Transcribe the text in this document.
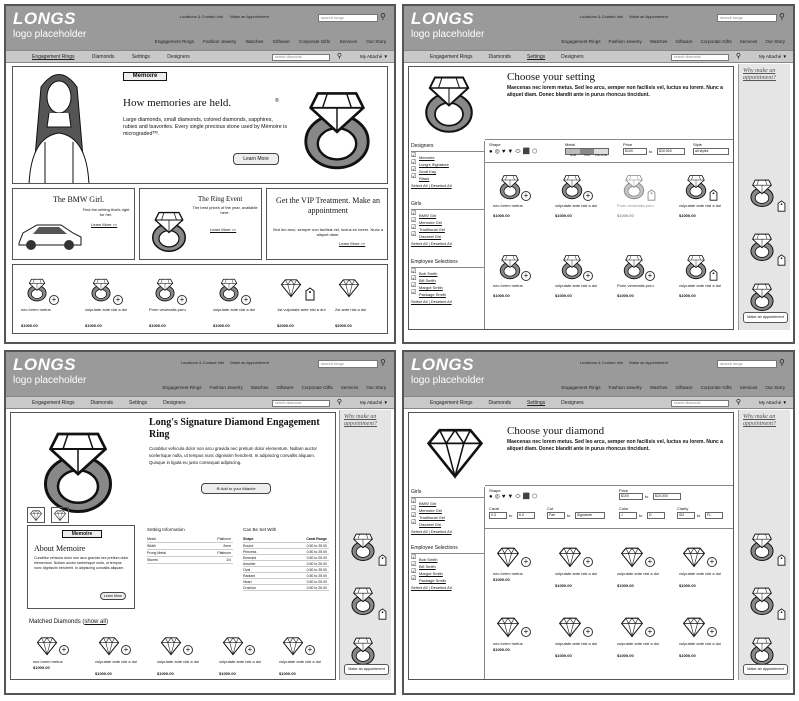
LONGS
logo placeholder
Locations & Contact Info Make an Appointment	search longs	⚲
Engagement Rings Fashion Jewelry Watches Giftware Corporate Gifts Services Our Story
Engagement Rings	Diamonds	Settings	Designers	search diamonds	⚲	My Attaché ▼
Memoire
How memories are held.	®
Large diamonds, small diamonds, colored diamonds, sapphires, rubies and tsavorites. Every single precious stone used by Mémoire is microgradedᵀᴹ.
Learn More
The BMW Girl.
Find the setting that's right for her.
Learn More >>
The Ring Event
The best prices of the year, available here.
Learn More >>
Get the VIP Treatment. Make an appointment
Sed leo arcu, semper non facilisis vel, luctus eu lorem. Nunc a aliquet diam.
Learn More >>
+
nec lorem metus
$1000.00
+
vulputate ante nisi a dui
$1000.00
+
Proin venenatis puru
$1000.00
+
vulputate ante nisi a dui
$1000.00
1st vulputate ante nisi a dui
$2000.00
2st ante nisi a dui
$2000.00
LONGS
logo placeholder
Locations & Contact Info Make an Appointment	search longs	⚲
Engagement Rings Fashion Jewelry Watches Giftware Corporate Gifts Services Our Story
Engagement Rings	Diamonds	Settings	Designers	search diamonds	⚲	My Attaché ▼
Choose your setting
Maecenas nec lorem metus. Sed leo arcu, semper non facilisis vel, luctus eu lorem. Nunc a aliquet diam. Donec blandit ante in purus rhoncus tincidunt.
Designers
☑ Memoire
☑ Long's Signature
☑ Scott Kay
☑ Ritani
Select All | Deselect All
Girls
☑ BMW Girl
☑ Memoire Girl
☑ Traditional Girl
☑ Discreet Girl
Select All | Deselect All
Employee Selections
☑ Bob Smith
☑ Bill Smith
☑ Margot Smith
☑ Package Smith
Select All | Deselect All
Shape
●◎♥▼⬭⬛⬡
Metal
Gold	Plat	Two-tone
Price
$100	to	$10,000
Style
all styles
+
nec lorem metus
$1000.00
+
vulputate ante nisi a dui
$1000.00
Proin venenatis puru
$1000.00
vulputate ante nisi a dui
$1000.00
+
nec lorem metus
$1000.00
+
vulputate ante nisi a dui
$1000.00
+
Proin venenatis puru
$1000.00
vulputate ante nisi a dui
$1000.00
Why make an appointment?
Make an appointment
LONGS
logo placeholder
Locations & Contact Info Make an Appointment	search longs	⚲
Engagement Rings Fashion Jewelry Watches Giftware Corporate Gifts Services Our Story
Engagement Rings	Diamonds	Settings	Designers	search diamonds	⚲	My Attaché ▼
Long's Signature Diamond Engagement Ring
Curabitur vehicula dolor non arcu gravida nec pretium dolor elementum. Nullam auctor scelerisque nulla, ut tempus nunc dignissim hendrerit. In adipiscing convallis aliquam. Quisque in ligula eu justo consequat adipiscing.
⊕ Add to your Attaché
Memoire
About Memoire
Curabitur vehicula dolor non arcu gravida nec pretium dolor elementum. Nullam auctor scelerisque nulla, ut tempus nunc dignissim hendrerit. In adipiscing convallis aliquam.
Learn More
Setting Information
Metal	Platinum
Width	2mm
Prong Metal	Platinum
Stones	1/4
Can Be Set With
Shape	Carat Range
Round	0.50 to 25.00
Princess	0.50 to 25.00
Emerald	0.50 to 25.00
Asscher	0.50 to 25.00
Oval	0.50 to 25.00
Radiant	0.50 to 25.00
Heart	0.50 to 25.00
Cushion	0.50 to 25.00
Matched Diamonds (show all)
+
nec lorem metus
$1000.00
+
vulputate ante nisi a dui
$1000.00
+
vulputate ante nisi a dui
$1000.00
+
vulputate ante nisi a dui
$1000.00
+
vulputate ante nisi a dui
$1000.00
Why make an appointment?
Make an appointment
LONGS
logo placeholder
Locations & Contact Info Make an Appointment	search longs	⚲
Engagement Rings Fashion Jewelry Watches Giftware Corporate Gifts Services Our Story
Engagement Rings	Diamonds	Settings	Designers	search diamonds	⚲	My Attaché ▼
Choose your diamond
Maecenas nec lorem metus. Sed leo arcu, semper non facilisis vel, luctus eu lorem. Nunc a aliquet diam. Donec blandit ante in purus rhoncus tincidunt.
Girls
☑ BMW Girl
☑ Memoire Girl
☑ Traditional Girl
☑ Discreet Girl
Select All | Deselect All
Employee Selections
☑ Bob Smith
☑ Bill Smith
☑ Margot Smith
☑ Package Smith
Select All | Deselect All
Shape
●◎♥▼⬭⬛⬡
Price
$100	to	$10,000
Carat
0.3	to	6.0
Cut
Fair	to	Signature
Color
J	to	D
Clarity
SI2	to	FL
+
nec lorem metus
$1000.00
+
vulputate ante nisi a dui
$1000.00
+
vulputate ante nisi a dui
$1000.00
+
vulputate ante nisi a dui
$1000.00
+
nec lorem metus
$1000.00
+
vulputate ante nisi a dui
$1000.00
+
vulputate ante nisi a dui
$1000.00
+
vulputate ante nisi a dui
$1000.00
Why make an appointment?
Make an appointment
